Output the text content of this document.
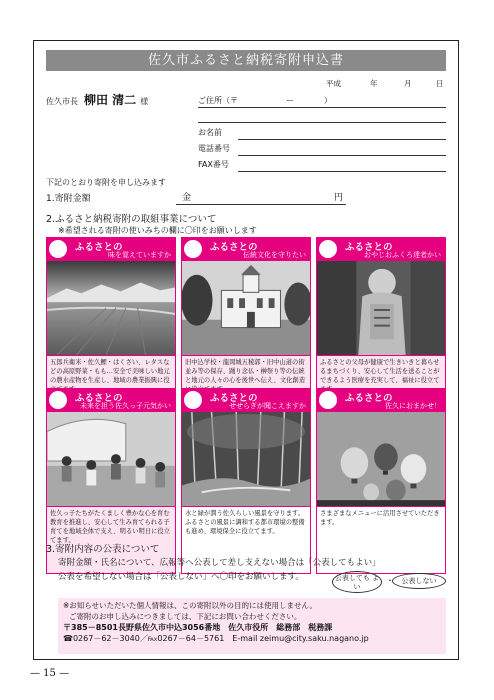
佐久市ふるさと納税寄附申込書
平成	年	月	日
佐久市長 柳田 清二 様	ご住所（〒	ー	）
お名前
電話番号
FAX番号
下記のとおり寄附を申し込みます
1.寄附金額	金	円
2.ふるさと納税寄附の取組事業について
※希望される寄附の使いみちの欄に〇印をお願いします
ふるさとの
味を覚えていますか
五郎兵衛米・佐久鯉・はくさい、レタスなどの高原野菜・もも…安全で美味しい地元の農水産物を生産し、地域の農業振興に役
ふるさとの
伝統文化を守りたい
旧中込学校・龍岡城五稜郭・旧中山道の街並み等の保存、踊り念仏・榊祭り等の伝統と地元の人々の心を後世へ伝え、文化創造
ふるさとの
おやじおふくろ達者かい
ふるさとの父母が健康で生きいきと暮らせるまちづくり、安心して生活を送ることができるよう医療を充実して、福祉に役立て
ふるさとの
未来を担う佐久っ子元気かい
佐久っ子たちがたくましく豊かな心を育む教育を推進し、安心して生み育てられる子育てを地域全体で支え、明るい明日に役立てます。
ふるさとの
せせらぎが聞こえますか
水と緑が潤う佐久らしい風景を守ります。ふるさとの風景に調和する都市環境の整備も進め、環境保全に役立てます。
ふるさとの
佐久におまかせ！
さまざまなメニューに活用させていただきます。
3.寄附内容の公表について
寄附金額・氏名について、広報等へ公表して差し支えない場合は「公表してもよい」
公表を希望しない場合は「公表しない」へ〇印をお願いします。	公表しても よい
・	公表しない
※お知らせいただいた個人情報は、この寄附以外の目的には使用しません。
ご寄附のお申し込みにつきましては、下記にお問い合わせください。
〒385－8501長野県佐久市中込3056番地　佐久市役所　総務部　税務課
☎0267－62－3040／℻0267－64－5761　E-mail zeimu@city.saku.nagano.jp
— 15 —
